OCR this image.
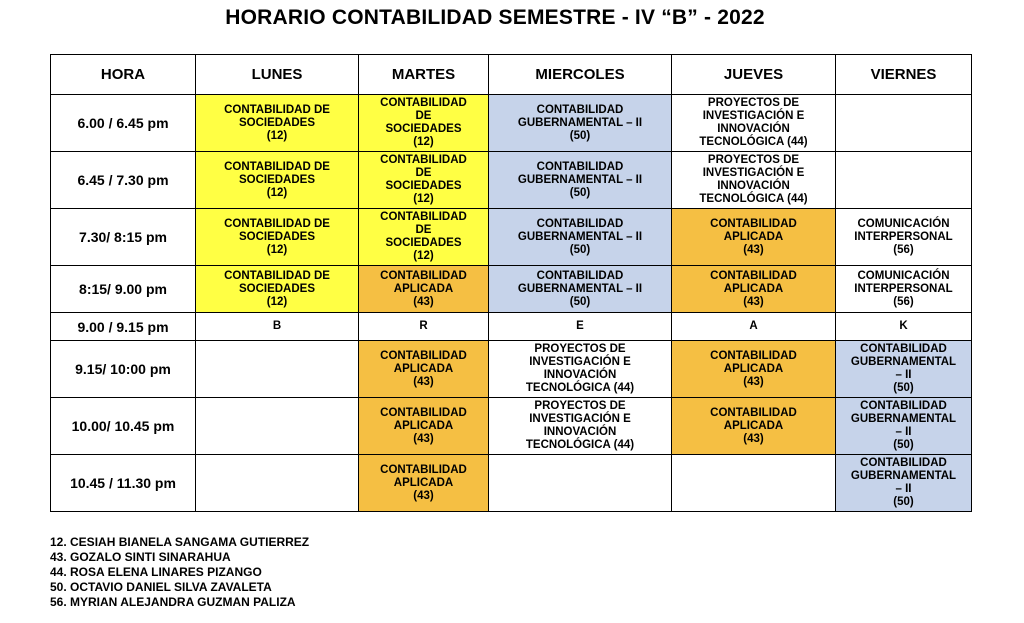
HORARIO CONTABILIDAD SEMESTRE - IV “B” - 2022
HORA	LUNES	MARTES	MIERCOLES	JUEVES	VIERNES
6.00 / 6.45 pm	CONTABILIDAD DE
SOCIEDADES
(12)	CONTABILIDAD
DE
SOCIEDADES
(12)	CONTABILIDAD
GUBERNAMENTAL – II
(50)	PROYECTOS DE
INVESTIGACIÓN E
INNOVACIÓN
TECNOLÓGICA (44)	

6.45 / 7.30 pm	CONTABILIDAD DE
SOCIEDADES
(12)	CONTABILIDAD
DE
SOCIEDADES
(12)	CONTABILIDAD
GUBERNAMENTAL – II
(50)	PROYECTOS DE
INVESTIGACIÓN E
INNOVACIÓN
TECNOLÓGICA (44)	

7.30/ 8:15 pm	CONTABILIDAD DE
SOCIEDADES
(12)	CONTABILIDAD
DE
SOCIEDADES
(12)	CONTABILIDAD
GUBERNAMENTAL – II
(50)	CONTABILIDAD
APLICADA
(43)	COMUNICACIÓN
INTERPERSONAL
(56)

8:15/ 9.00 pm	CONTABILIDAD DE
SOCIEDADES
(12)	CONTABILIDAD
APLICADA
(43)	CONTABILIDAD
GUBERNAMENTAL – II
(50)	CONTABILIDAD
APLICADA
(43)	COMUNICACIÓN
INTERPERSONAL
(56)

9.00 / 9.15 pm	B	R	E	A	K

9.15/ 10:00 pm		CONTABILIDAD
APLICADA
(43)	PROYECTOS DE
INVESTIGACIÓN E
INNOVACIÓN
TECNOLÓGICA (44)	CONTABILIDAD
APLICADA
(43)	CONTABILIDAD
GUBERNAMENTAL
– II
(50)

10.00/ 10.45 pm		CONTABILIDAD
APLICADA
(43)	PROYECTOS DE
INVESTIGACIÓN E
INNOVACIÓN
TECNOLÓGICA (44)	CONTABILIDAD
APLICADA
(43)	CONTABILIDAD
GUBERNAMENTAL
– II
(50)

10.45 / 11.30 pm		CONTABILIDAD
APLICADA
(43)			CONTABILIDAD
GUBERNAMENTAL
– II
(50)
12. CESIAH BIANELA SANGAMA GUTIERREZ
43. GOZALO SINTI SINARAHUA
44. ROSA ELENA LINARES PIZANGO
50. OCTAVIO DANIEL SILVA ZAVALETA
56. MYRIAN ALEJANDRA GUZMAN PALIZA
